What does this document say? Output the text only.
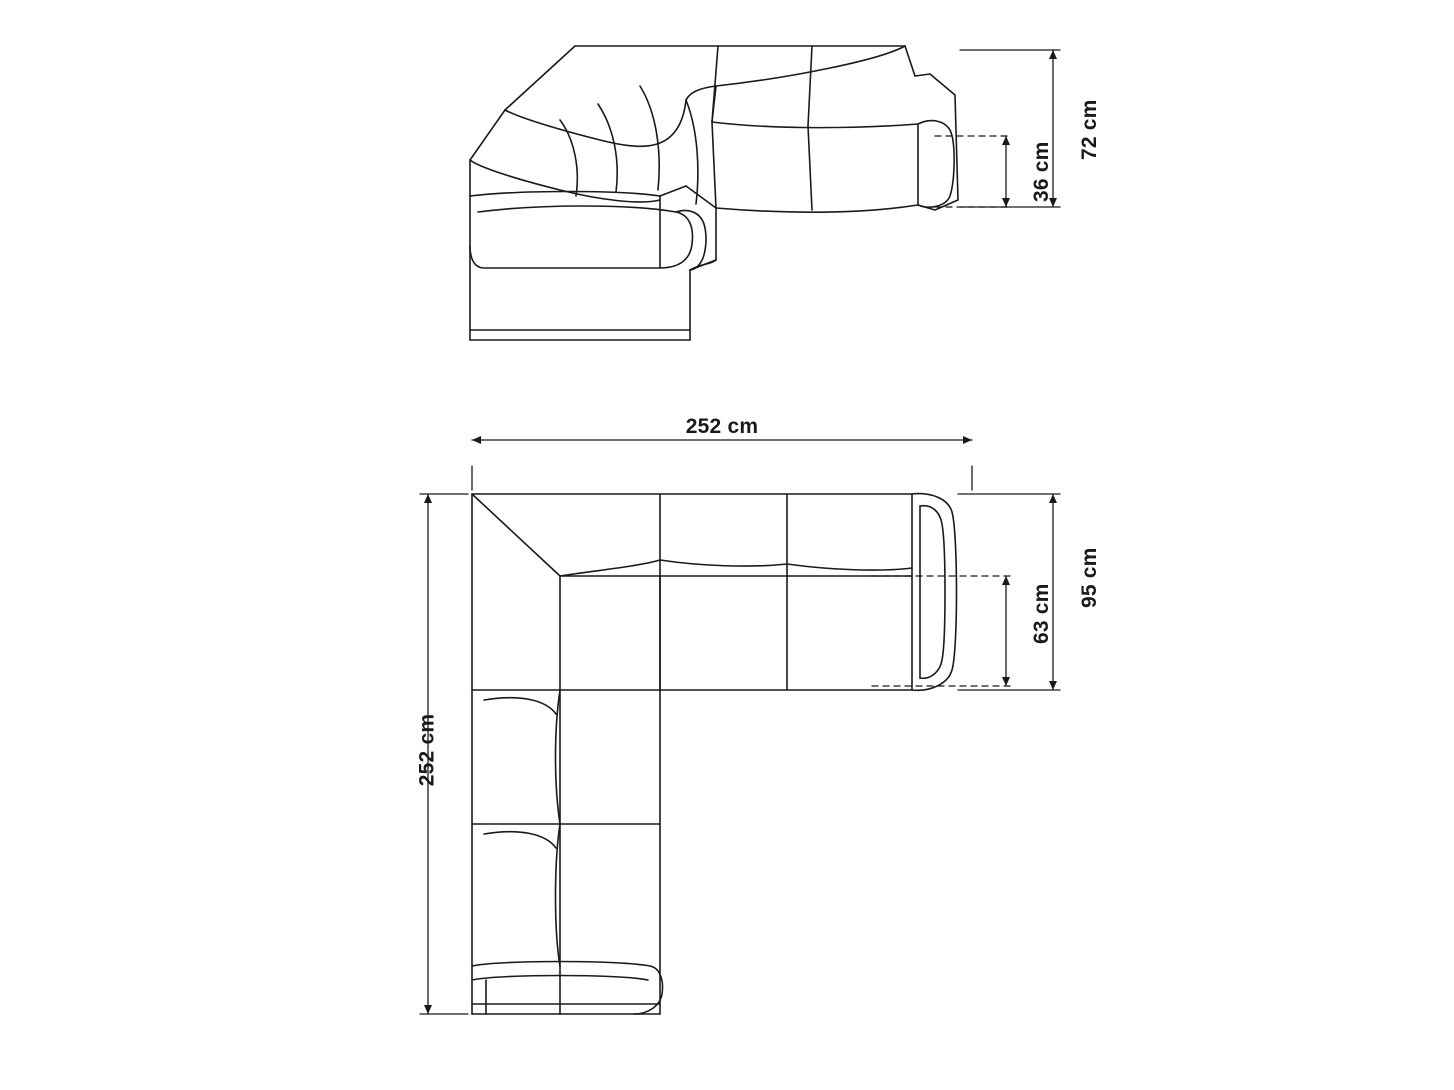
72 cm
36 cm
252 cm
252 cm
95 cm
63 cm
